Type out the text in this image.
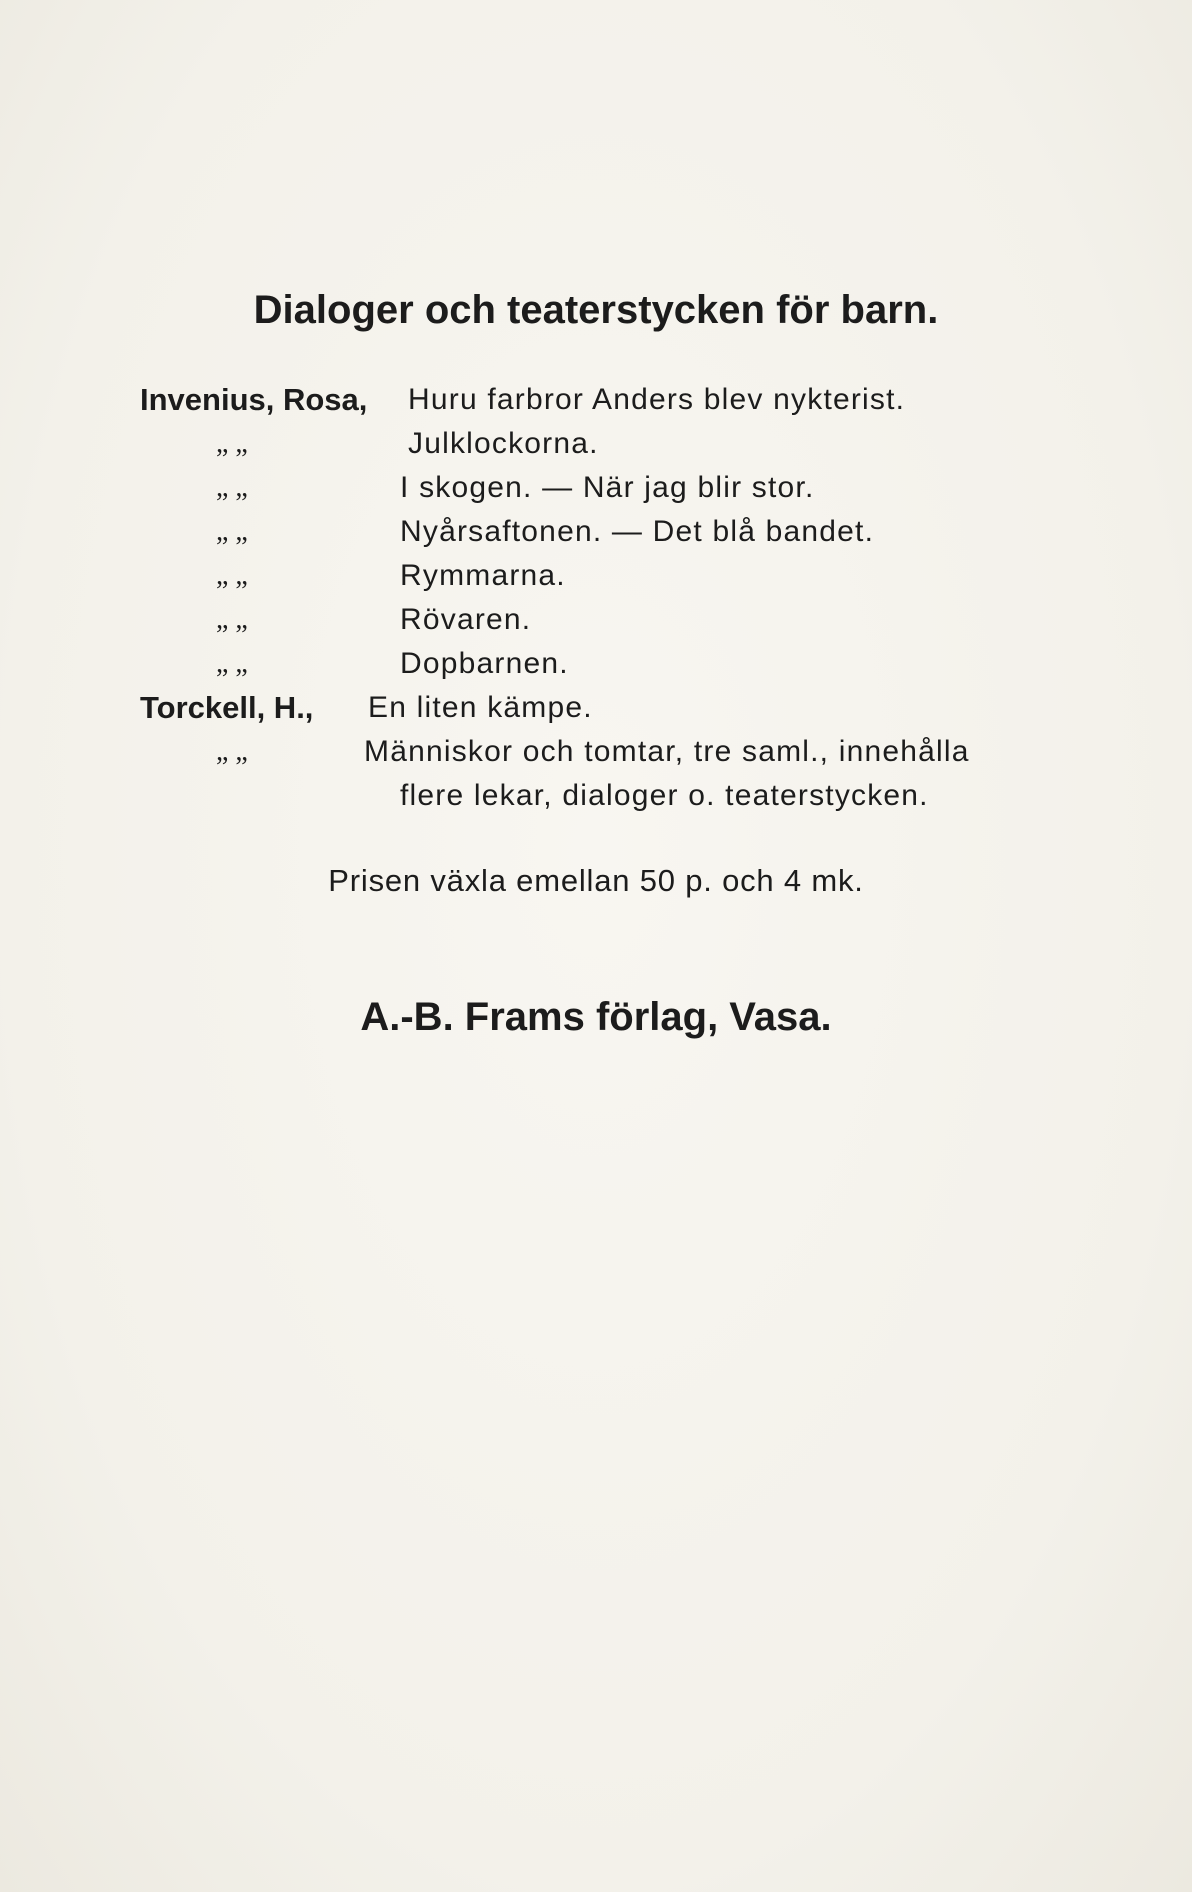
Dialoger och teaterstycken för barn.
Invenius, Rosa, Huru farbror Anders blev nykterist.
„ „	Julklockorna.
„ „	I skogen. — När jag blir stor.
„ „	Nyårsaftonen. — Det blå bandet.
„ „	Rymmarna.
„ „	Rövaren.
„ „	Dopbarnen.
Torckell, H., En liten kämpe.
„ „	Människor och tomtar, tre saml., innehålla
flere lekar, dialoger o. teaterstycken.
Prisen växla emellan 50 p. och 4 mk.
A.-B. Frams förlag, Vasa.
